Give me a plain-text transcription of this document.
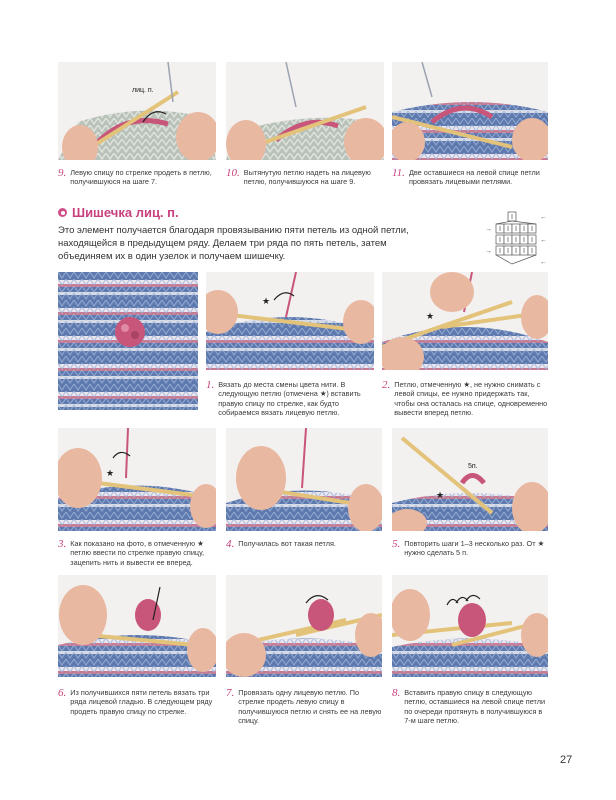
лиц. п.
9. Левую спицу по стрелке продеть в петлю, получившуюся на шаге 7.
10. Вытянутую петлю надеть на лицевую петлю, получившуюся на шаге 9.
11. Две оставшиеся на левой спице петли провязать лицевыми петлями.
Шишечка лиц. п.
Это элемент получается благодаря провязыванию пяти петель из одной петли, находящейся в предыдущем ряду. Делаем три ряда по пять петель, затем объединяем их в один узелок и получаем шишечку.
←
←
←
→
→
★
★
1. Вязать до места смены цвета нити. В следующую петлю (отмечена ★) вставить правую спицу по стрелке, как будто собираемся вязать лицевую петлю.
2. Петлю, отмеченную ★, не нужно снимать с левой спицы, ее нужно придержать так, чтобы она осталась на спице, одновременно вывести вперед петлю.
★
5п.
★
3. Как показано на фото, в отмеченную ★ петлю ввести по стрелке правую спицу, зацепить нить и вывести ее вперед.
4. Получилась вот такая петля.	5. Повторить шаги 1–3 несколько раз. От ★ нужно сделать 5 п.
6. Из получившихся пяти петель вязать три ряда лицевой гладью. В следующем ряду продеть правую спицу по стрелке.
7. Провязать одну лицевую петлю. По стрелке продеть левую спицу в получившуюся петлю и снять ее на левую спицу.
8. Вставить правую спицу в следующую петлю, оставшиеся на левой спице петли по очереди протянуть в получившуюся в 7-м шаге петлю.
27
